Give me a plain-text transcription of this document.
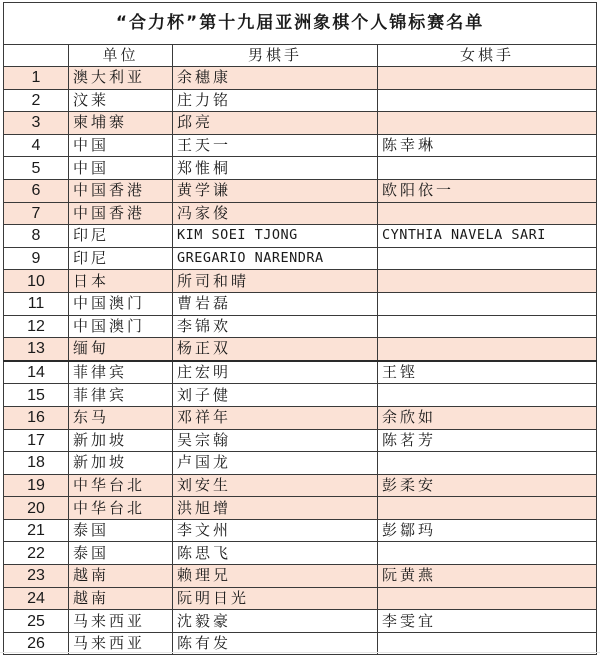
“合力杯”第十九届亚洲象棋个人锦标赛名单			
	单位	男棋手	女棋手
1	澳大利亚	余穗康	
2	汶莱	庄力铭	
3	柬埔寨	邱亮	
4	中国	王天一	陈幸琳
5	中国	郑惟桐	
6	中国香港	黄学谦	欧阳依一
7	中国香港	冯家俊	
8	印尼	KIM SOEI TJONG	CYNTHIA NAVELA SARI
9	印尼	GREGARIO NARENDRA	
10	日本	所司和晴	
11	中国澳门	曹岩磊	
12	中国澳门	李锦欢	
13	缅甸	杨正双	
14	菲律宾	庄宏明	王铿
15	菲律宾	刘子健	
16	东马	邓祥年	余欣如
17	新加坡	吴宗翰	陈茗芳
18	新加坡	卢国龙	
19	中华台北	刘安生	彭柔安
20	中华台北	洪旭增	
21	泰国	李文州	彭鄒玛
22	泰国	陈思飞	
23	越南	赖理兄	阮黄燕
24	越南	阮明日光	
25	马来西亚	沈毅豪	李雯宜
26	马来西亚	陈有发	
